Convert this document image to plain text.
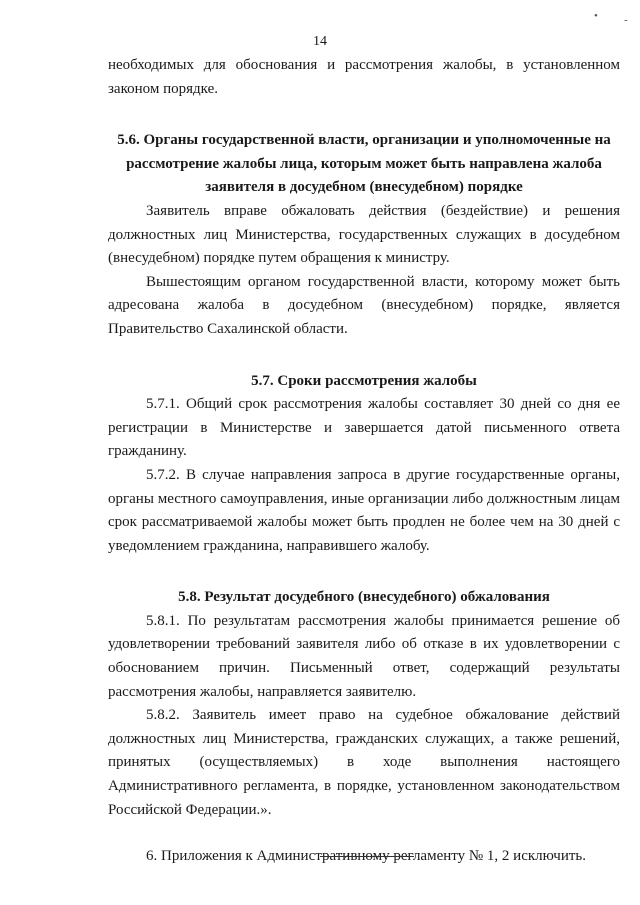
14

необходимых для обоснования и рассмотрения жалобы, в установленном законом порядке.

5.6. Органы государственной власти, организации и уполномоченные на рассмотрение жалобы лица, которым может быть направлена жалоба заявителя в досудебном (внесудебном) порядке

Заявитель вправе обжаловать действия (бездействие) и решения должностных лиц Министерства, государственных служащих в досудебном (внесудебном) порядке путем обращения к министру.

Вышестоящим органом государственной власти, которому может быть адресована жалоба в досудебном (внесудебном) порядке, является Правительство Сахалинской области.

5.7. Сроки рассмотрения жалобы

5.7.1. Общий срок рассмотрения жалобы составляет 30 дней со дня ее регистрации в Министерстве и завершается датой письменного ответа гражданину.

5.7.2. В случае направления запроса в другие государственные органы, органы местного самоуправления, иные организации либо должностным лицам срок рассматриваемой жалобы может быть продлен не более чем на 30 дней с уведомлением гражданина, направившего жалобу.

5.8. Результат досудебного (внесудебного) обжалования

5.8.1. По результатам рассмотрения жалобы принимается решение об удовлетворении требований заявителя либо об отказе в их удовлетворении с обоснованием причин. Письменный ответ, содержащий результаты рассмотрения жалобы, направляется заявителю.

5.8.2. Заявитель имеет право на судебное обжалование действий должностных лиц Министерства, гражданских служащих, а также решений, принятых (осуществляемых) в ходе выполнения настоящего Административного регламента, в порядке, установленном законодательством Российской Федерации.».

6. Приложения к Административному регламенту № 1, 2 исключить.

• -
